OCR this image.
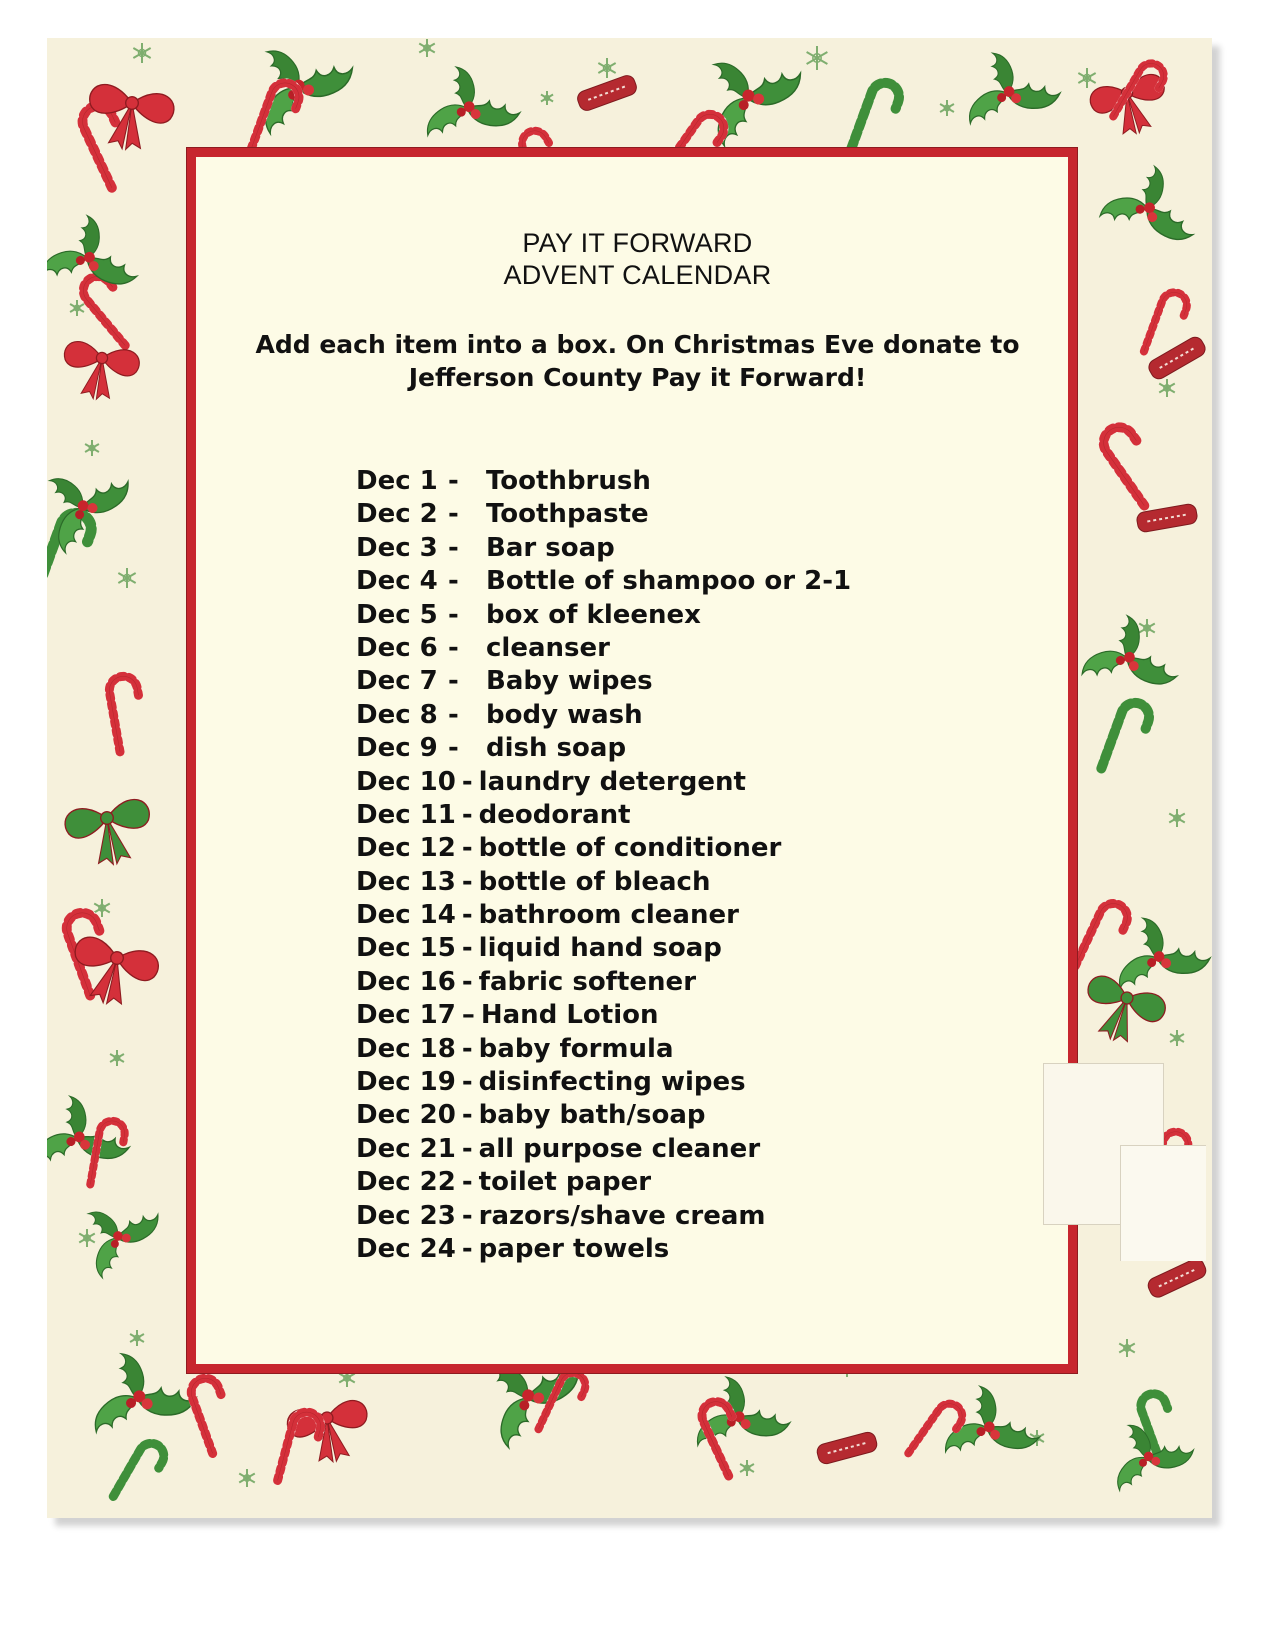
PAY IT FORWARD
ADVENT CALENDAR
Add each item into a box. On Christmas Eve donate to
Jefferson County Pay it Forward!
Dec 1 - Toothbrush
Dec 2 - Toothpaste
Dec 3 - Bar soap
Dec 4 - Bottle of shampoo or 2-1
Dec 5 - box of kleenex
Dec 6 - cleanser
Dec 7 - Baby wipes
Dec 8 - body wash
Dec 9 - dish soap
Dec 10 - laundry detergent
Dec 11 - deodorant
Dec 12 - bottle of conditioner
Dec 13 - bottle of bleach
Dec 14 - bathroom cleaner
Dec 15 - liquid hand soap
Dec 16 - fabric softener
Dec 17 – Hand Lotion
Dec 18 - baby formula
Dec 19 - disinfecting wipes
Dec 20 - baby bath/soap
Dec 21 - all purpose cleaner
Dec 22 - toilet paper
Dec 23 - razors/shave cream
Dec 24 - paper towels
